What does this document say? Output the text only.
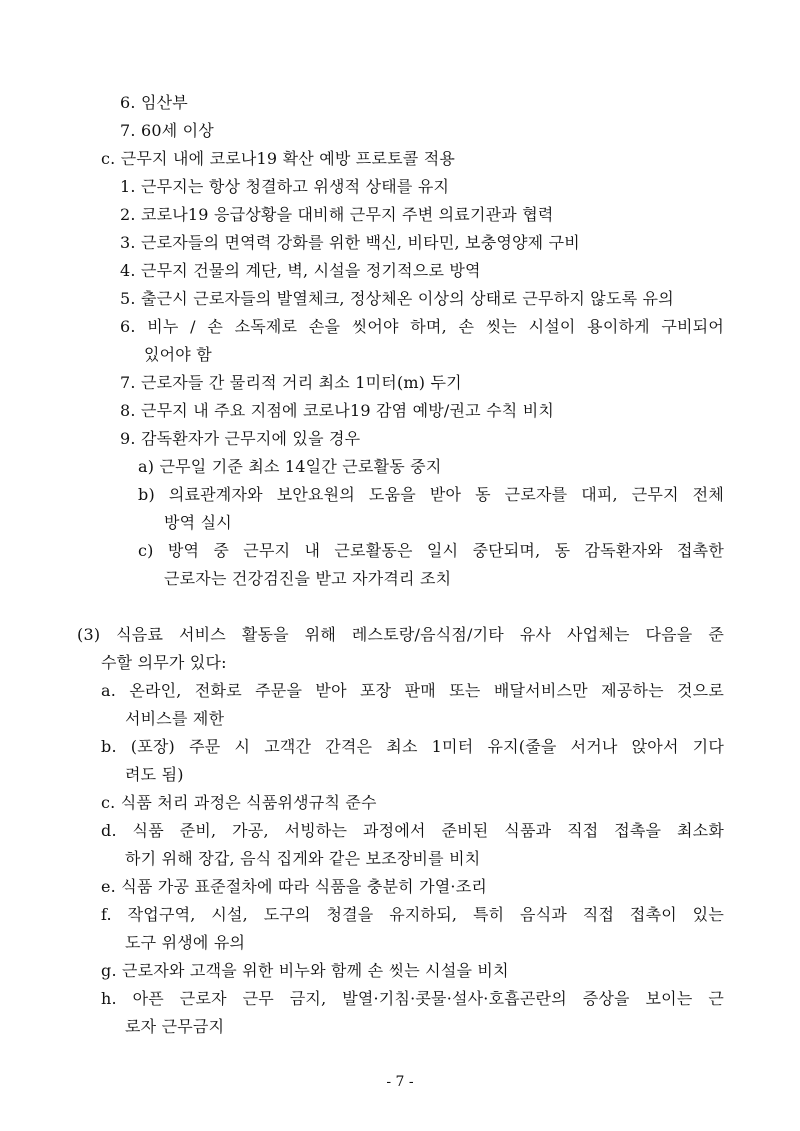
6. 임산부
7. 60세 이상
c. 근무지 내에 코로나19 확산 예방 프로토콜 적용
1. 근무지는 항상 청결하고 위생적 상태를 유지
2. 코로나19 응급상황을 대비해 근무지 주변 의료기관과 협력
3. 근로자들의 면역력 강화를 위한 백신, 비타민, 보충영양제 구비
4. 근무지 건물의 계단, 벽, 시설을 정기적으로 방역
5. 출근시 근로자들의 발열체크, 정상체온 이상의 상태로 근무하지 않도록 유의
6. 비누 / 손 소독제로 손을 씻어야 하며, 손 씻는 시설이 용이하게 구비되어
있어야 함
7. 근로자들 간 물리적 거리 최소 1미터(m) 두기
8. 근무지 내 주요 지점에 코로나19 감염 예방/권고 수칙 비치
9. 감독환자가 근무지에 있을 경우
a) 근무일 기준 최소 14일간 근로활동 중지
b) 의료관계자와 보안요원의 도움을 받아 동 근로자를 대피, 근무지 전체
방역 실시
c) 방역 중 근무지 내 근로활동은 일시 중단되며, 동 감독환자와 접촉한
근로자는 건강검진을 받고 자가격리 조치
(3) 식음료 서비스 활동을 위해 레스토랑/음식점/기타 유사 사업체는 다음을 준
수할 의무가 있다:
a. 온라인, 전화로 주문을 받아 포장 판매 또는 배달서비스만 제공하는 것으로
서비스를 제한
b. (포장) 주문 시 고객간 간격은 최소 1미터 유지(줄을 서거나 앉아서 기다
려도 됨)
c. 식품 처리 과정은 식품위생규칙 준수
d. 식품 준비, 가공, 서빙하는 과정에서 준비된 식품과 직접 접촉을 최소화
하기 위해 장갑, 음식 집게와 같은 보조장비를 비치
e. 식품 가공 표준절차에 따라 식품을 충분히 가열·조리
f. 작업구역, 시설, 도구의 청결을 유지하되, 특히 음식과 직접 접촉이 있는
도구 위생에 유의
g. 근로자와 고객을 위한 비누와 함께 손 씻는 시설을 비치
h. 아픈 근로자 근무 금지, 발열·기침·콧물·설사·호흡곤란의 증상을 보이는 근
로자 근무금지
- 7 -
